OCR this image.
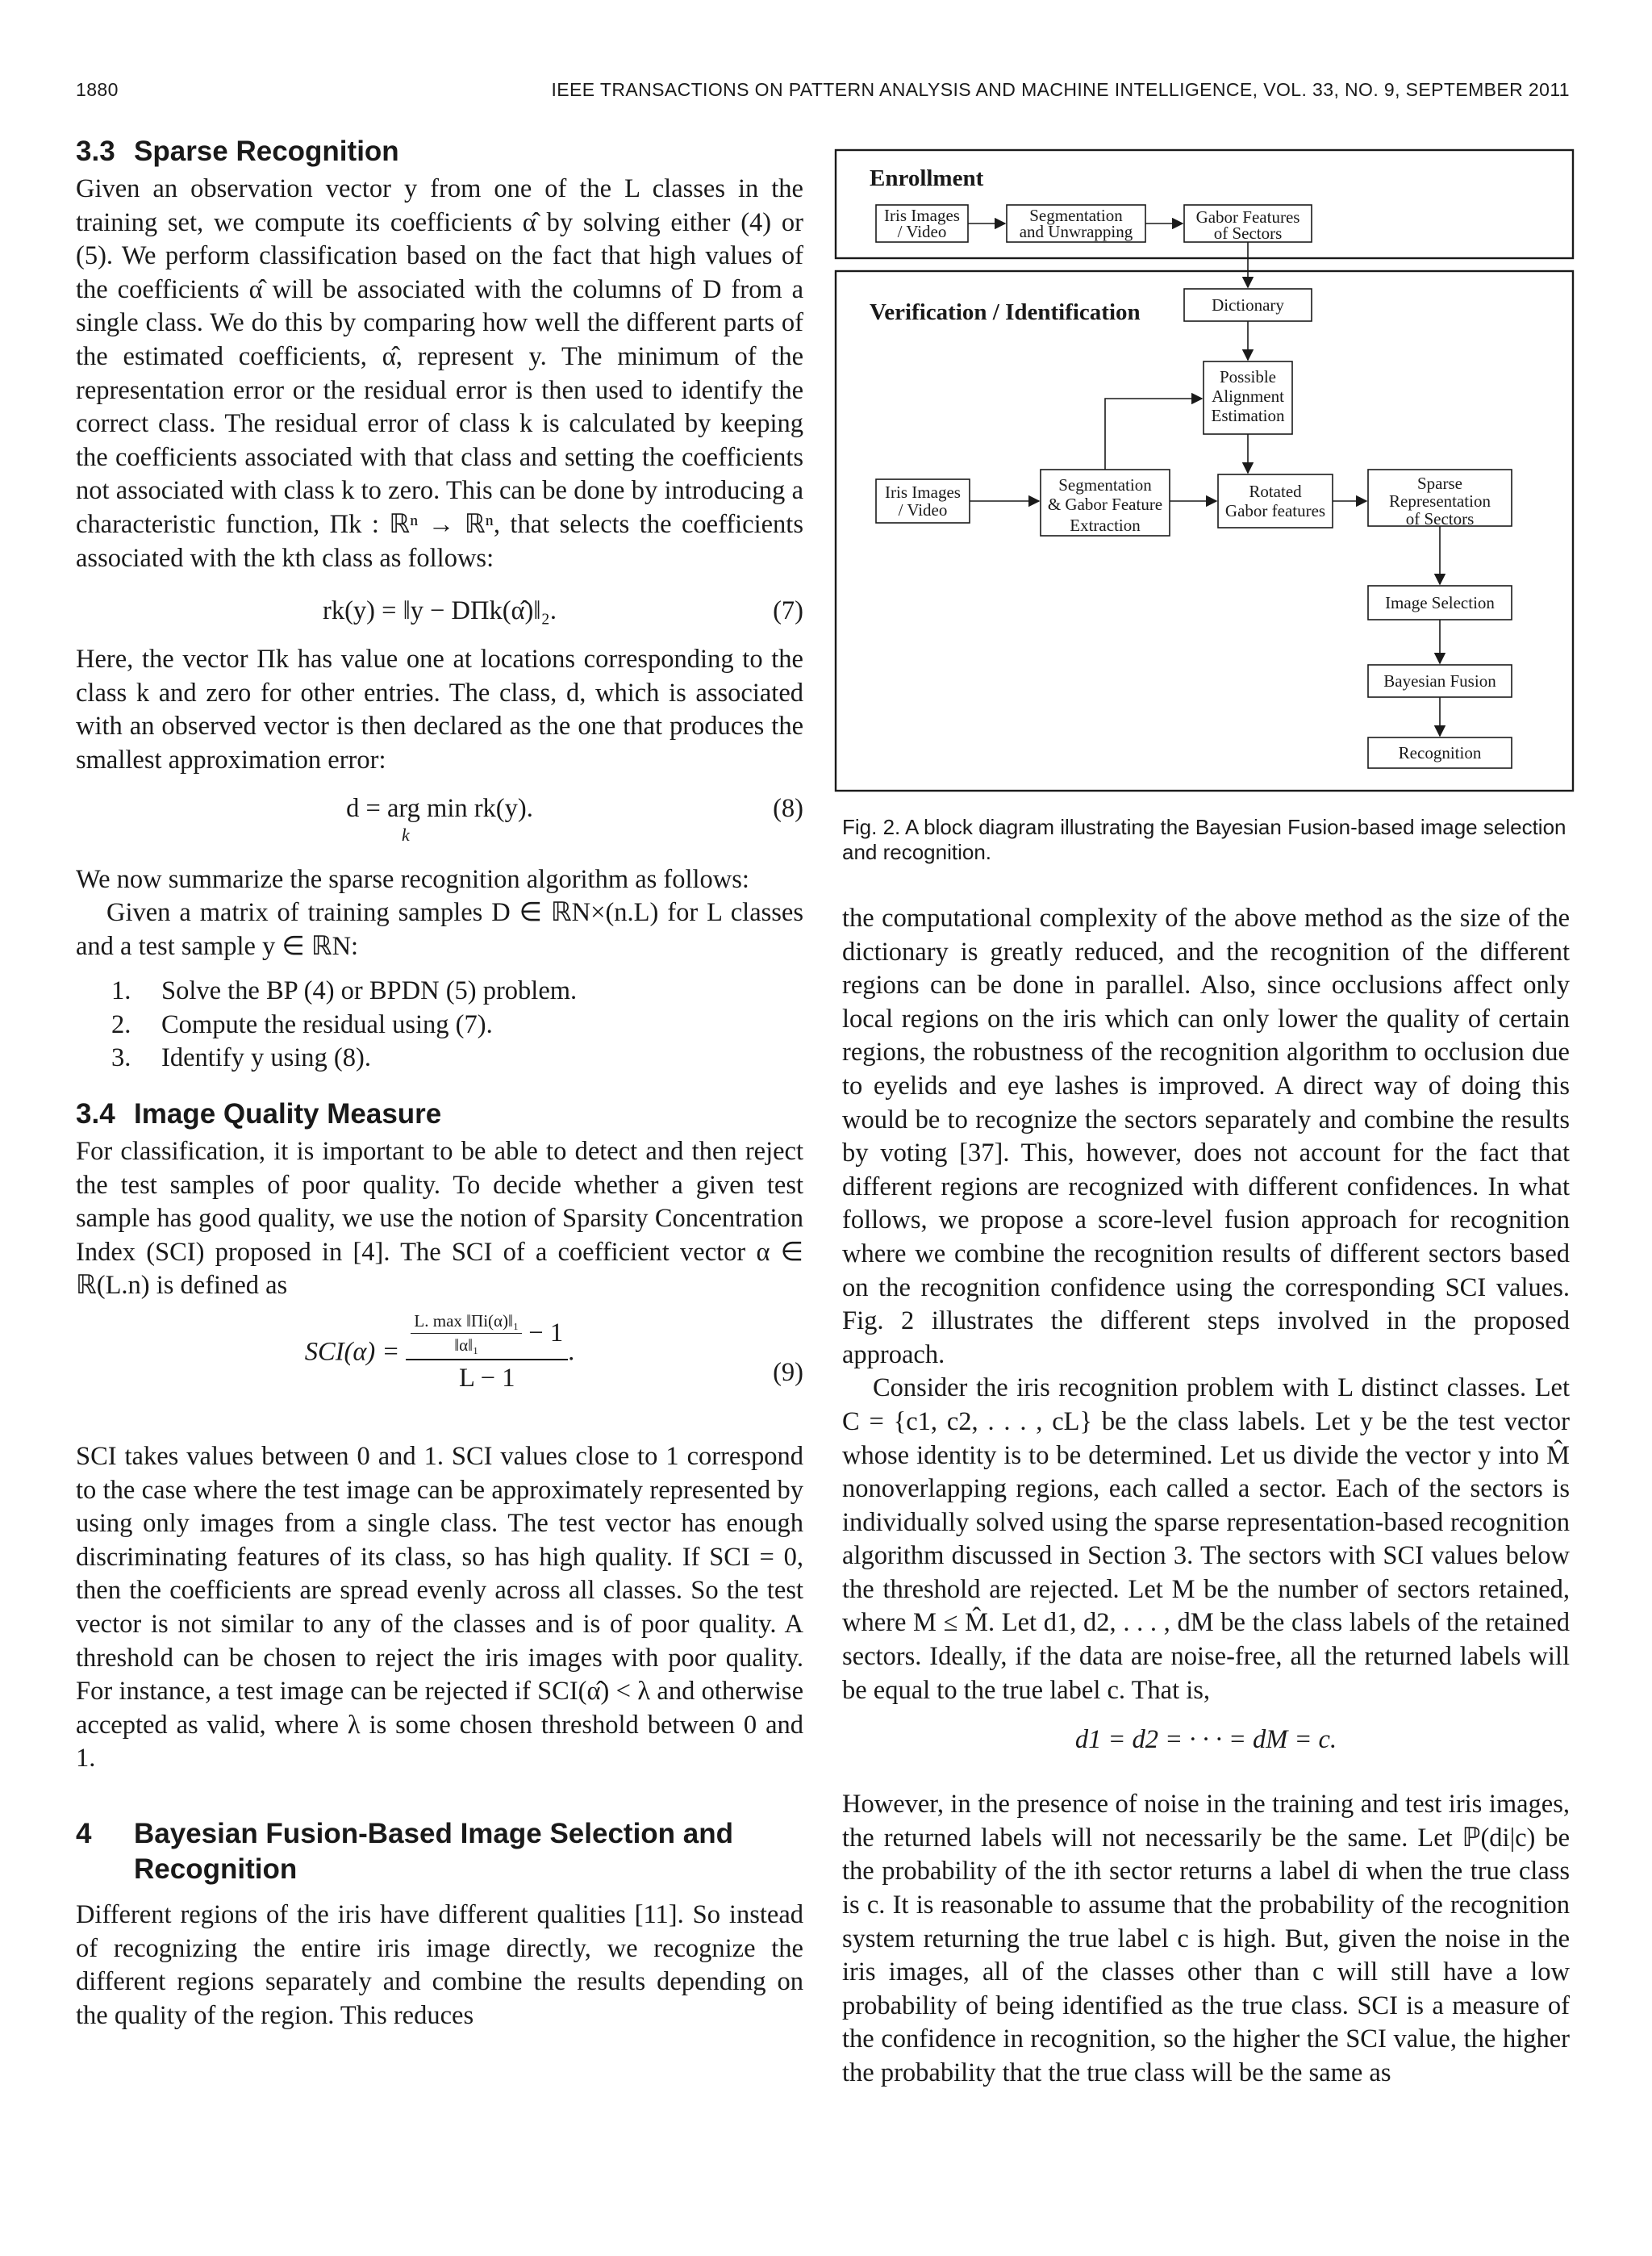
1880	IEEE TRANSACTIONS ON PATTERN ANALYSIS AND MACHINE INTELLIGENCE, VOL. 33, NO. 9, SEPTEMBER 2011
3.3 Sparse Recognition

Given an observation vector y from one of the L classes in the training set, we compute its coefficients α̂ by solving either (4) or (5). We perform classification based on the fact that high values of the coefficients α̂ will be associated with the columns of D from a single class. We do this by comparing how well the different parts of the estimated coefficients, α̂, represent y. The minimum of the representation error or the residual error is then used to identify the correct class. The residual error of class k is calculated by keeping the coefficients associated with that class and setting the coefficients not associated with class k to zero. This can be done by introducing a characteristic function, Πk : ℝⁿ → ℝⁿ, that selects the coefficients associated with the kth class as follows:

rk(y) = ‖y − DΠk(α̂)‖₂.	(7)

Here, the vector Πk has value one at locations corresponding to the class k and zero for other entries. The class, d, which is associated with an observed vector is then declared as the one that produces the smallest approximation error:

d = arg min rk(y).
k
(8)

We now summarize the sparse recognition algorithm as follows:

Given a matrix of training samples D ∈ ℝN×(n.L) for L classes and a test sample y ∈ ℝN:

1. Solve the BP (4) or BPDN (5) problem.
2. Compute the residual using (7).
3. Identify y using (8).
3.4 Image Quality Measure

For classification, it is important to be able to detect and then reject the test samples of poor quality. To decide whether a given test sample has good quality, we use the notion of Sparsity Concentration Index (SCI) proposed in [4]. The SCI of a coefficient vector α ∈ ℝ(L.n) is defined as

$SCI(\alpha) = \frac{\text{L. max ‖Πi(α)‖₁}}{\text{‖α‖₁}} - 1$
L − 1
.
(9)

SCI takes values between 0 and 1. SCI values close to 1 correspond to the case where the test image can be approximately represented by using only images from a single class. The test vector has enough discriminating features of its class, so has high quality. If SCI = 0, then the coefficients are spread evenly across all classes. So the test vector is not similar to any of the classes and is of poor quality. A threshold can be chosen to reject the iris images with poor quality. For instance, a test image can be rejected if SCI(α̂) < λ and otherwise accepted as valid, where λ is some chosen threshold between 0 and 1.

4 Bayesian Fusion-Based Image Selection and
Recognition

Different regions of the iris have different qualities [11]. So instead of recognizing the entire iris image directly, we recognize the different regions separately and combine the results depending on the quality of the region. This reduces

Enrollment
Verification / Identification
Iris Images
/ Video
Segmentation
and Unwrapping
Gabor Features
of Sectors
Dictionary
Possible
Alignment
Estimation
Iris Images
/ Video
Segmentation
& Gabor Feature
Extraction
Rotated
Gabor features
Sparse
Representation
of Sectors
Image Selection
Bayesian Fusion
Recognition

Fig. 2. A block diagram illustrating the Bayesian Fusion-based image selection and recognition.

the computational complexity of the above method as the size of the dictionary is greatly reduced, and the recognition of the different regions can be done in parallel. Also, since occlusions affect only local regions on the iris which can only lower the quality of certain regions, the robustness of the recognition algorithm to occlusion due to eyelids and eye lashes is improved. A direct way of doing this would be to recognize the sectors separately and combine the results by voting [37]. This, however, does not account for the fact that different regions are recognized with different confidences. In what follows, we propose a score-level fusion approach for recognition where we combine the recognition results of different sectors based on the recognition confidence using the corresponding SCI values. Fig. 2 illustrates the different steps involved in the proposed approach.

Consider the iris recognition problem with L distinct classes. Let C = {c1, c2, . . . , cL} be the class labels. Let y be the test vector whose identity is to be determined. Let us divide the vector y into M̂ nonoverlapping regions, each called a sector. Each of the sectors is individually solved using the sparse representation-based recognition algorithm discussed in Section 3. The sectors with SCI values below the threshold are rejected. Let M be the number of sectors retained, where M ≤ M̂. Let d1, d2, . . . , dM be the class labels of the retained sectors. Ideally, if the data are noise-free, all the returned labels will be equal to the true label c. That is,

d1 = d2 = · · · = dM = c.

However, in the presence of noise in the training and test iris images, the returned labels will not necessarily be the same. Let ℙ(di|c) be the probability of the ith sector returns a label di when the true class is c. It is reasonable to assume that the probability of the recognition system returning the true label c is high. But, given the noise in the iris images, all of the classes other than c will still have a low probability of being identified as the true class. SCI is a measure of the confidence in recognition, so the higher the SCI value, the higher the probability that the true class will be the same as
